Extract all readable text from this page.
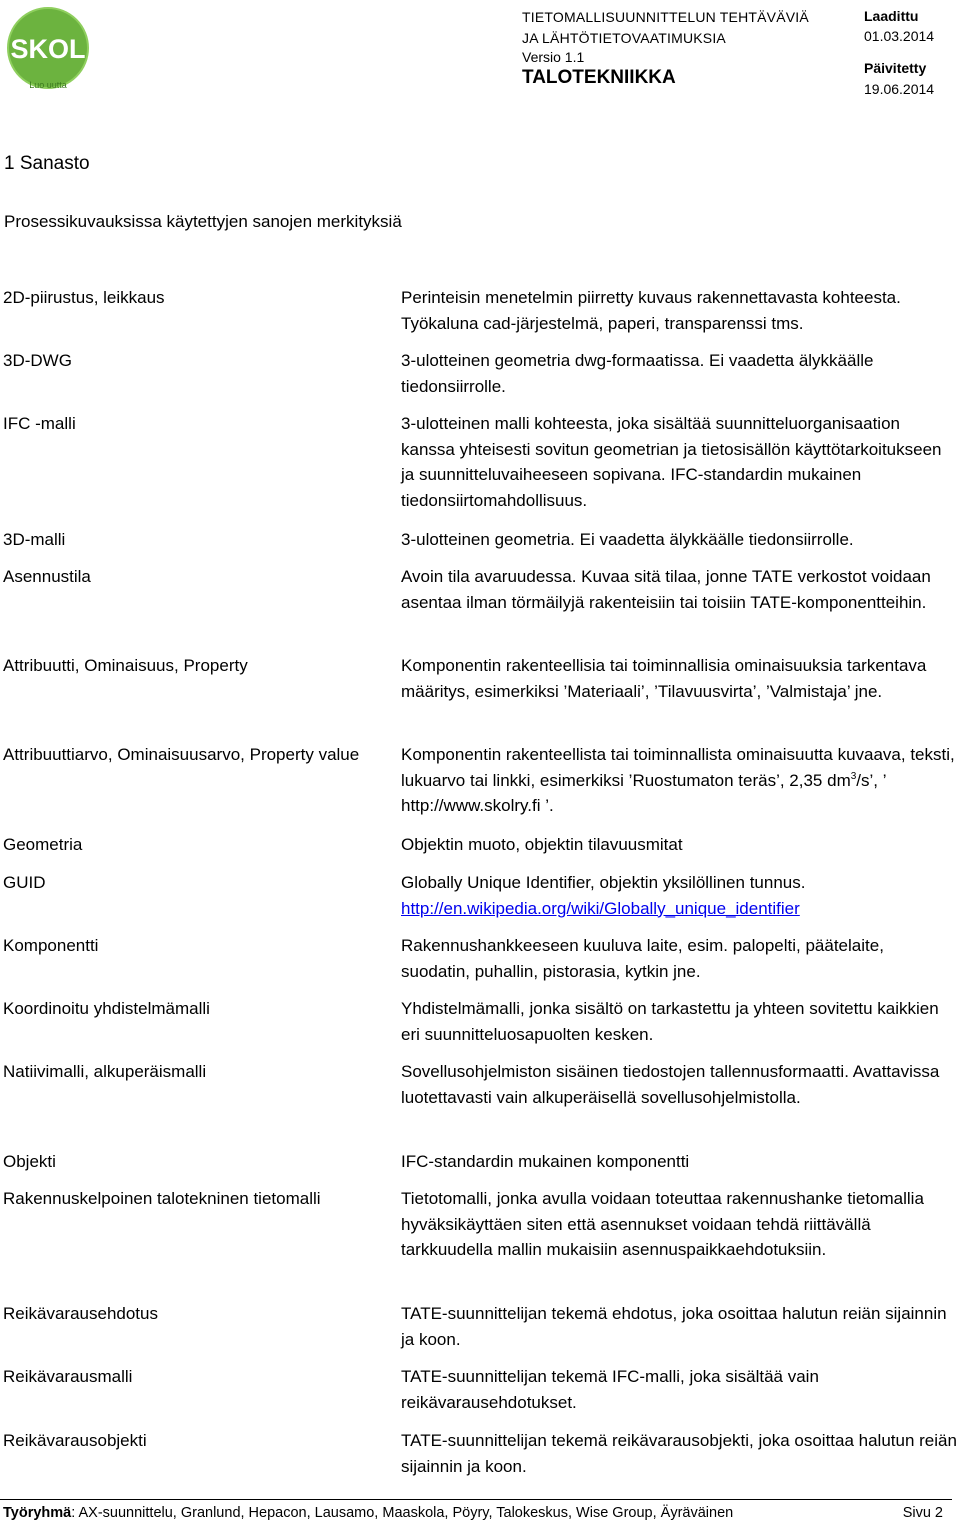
SKOL
Luo uutta
TIETOMALLISUUNNITTELUN TEHTÄVÄVIÄ
JA LÄHTÖTIETOVAATIMUKSIA
Versio 1.1
TALOTEKNIIKKA
Laadittu
01.03.2014
Päivitetty
19.06.2014
1 Sanasto
Prosessikuvauksissa käytettyjen sanojen merkityksiä
2D-piirustus, leikkaus	Perinteisin menetelmin piirretty kuvaus rakennettavasta kohteesta. Työkaluna cad-järjestelmä, paperi, transparenssi tms.
3D-DWG	3-ulotteinen geometria dwg-formaatissa. Ei vaadetta älykkäälle tiedonsiirrolle.
IFC -malli	3-ulotteinen malli kohteesta, joka sisältää suunnitteluorganisaation kanssa yhteisesti sovitun geometrian ja tietosisällön käyttötarkoitukseen ja suunnitteluvaiheeseen sopivana. IFC-standardin mukainen tiedonsiirtomahdollisuus.
3D-malli	3-ulotteinen geometria. Ei vaadetta älykkäälle tiedonsiirrolle.
Asennustila	Avoin tila avaruudessa. Kuvaa sitä tilaa, jonne TATE verkostot voidaan asentaa ilman törmäilyjä rakenteisiin tai toisiin TATE-komponentteihin.
Attribuutti, Ominaisuus, Property	Komponentin rakenteellisia tai toiminnallisia ominaisuuksia tarkentava määritys, esimerkiksi ’Materiaali’, ’Tilavuusvirta’, ’Valmistaja’ jne.
Attribuuttiarvo, Ominaisuusarvo, Property value	Komponentin rakenteellista tai toiminnallista ominaisuutta kuvaava, teksti, lukuarvo tai linkki, esimerkiksi ’Ruostumaton teräs’, 2,35 $dm^3/s$’, ’ http://www.skolry.fi ’.
Geometria	Objektin muoto, objektin tilavuusmitat
GUID	Globally Unique Identifier, objektin yksilöllinen tunnus.
http://en.wikipedia.org/wiki/Globally_unique_identifier
Komponentti	Rakennushankkeeseen kuuluva laite, esim. palopelti, päätelaite, suodatin, puhallin, pistorasia, kytkin jne.
Koordinoitu yhdistelmämalli	Yhdistelmämalli, jonka sisältö on tarkastettu ja yhteen sovitettu kaikkien eri suunnitteluosapuolten kesken.
Natiivimalli, alkuperäismalli	Sovellusohjelmiston sisäinen tiedostojen tallennusformaatti. Avattavissa luotettavasti vain alkuperäisellä sovellusohjelmistolla.
Objekti	IFC-standardin mukainen komponentti
Rakennuskelpoinen talotekninen tietomalli	Tietotomalli, jonka avulla voidaan toteuttaa rakennushanke tietomallia hyväksikäyttäen siten että asennukset voidaan tehdä riittävällä tarkkuudella mallin mukaisiin asennuspaikkaehdotuksiin.
Reikävarausehdotus	TATE-suunnittelijan tekemä ehdotus, joka osoittaa halutun reiän sijainnin ja koon.
Reikävarausmalli	TATE-suunnittelijan tekemä IFC-malli, joka sisältää vain reikävarausehdotukset.
Reikävarausobjekti	TATE-suunnittelijan tekemä reikävarausobjekti, joka osoittaa halutun reiän sijainnin ja koon.
Työryhmä: AX-suunnittelu, Granlund, Hepacon, Lausamo, Maaskola, Pöyry, Talokeskus, Wise Group, Äyräväinen	Sivu 2
